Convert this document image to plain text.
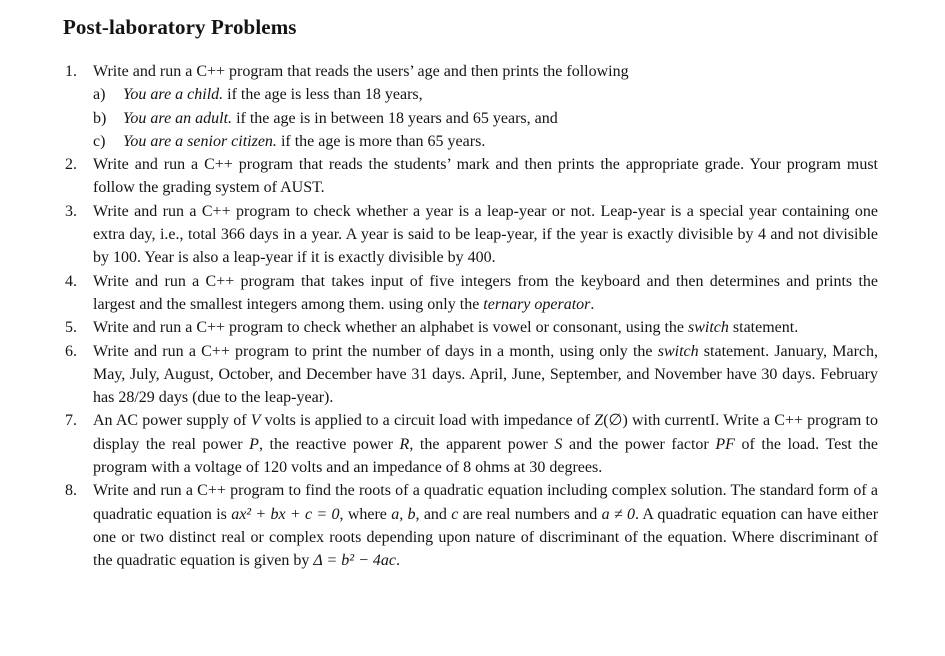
Post-laboratory Problems
1. Write and run a C++ program that reads the users’ age and then prints the following
a) You are a child. if the age is less than 18 years,
b) You are an adult. if the age is in between 18 years and 65 years, and
c) You are a senior citizen. if the age is more than 65 years.
2. Write and run a C++ program that reads the students’ mark and then prints the appropriate grade. Your program must follow the grading system of AUST.
3. Write and run a C++ program to check whether a year is a leap-year or not. Leap-year is a special year containing one extra day, i.e., total 366 days in a year. A year is said to be leap-year, if the year is exactly divisible by 4 and not divisible by 100. Year is also a leap-year if it is exactly divisible by 400.
4. Write and run a C++ program that takes input of five integers from the keyboard and then determines and prints the largest and the smallest integers among them. using only the ternary operator.
5. Write and run a C++ program to check whether an alphabet is vowel or consonant, using the switch statement.
6. Write and run a C++ program to print the number of days in a month, using only the switch statement. January, March, May, July, August, October, and December have 31 days. April, June, September, and November have 30 days. February has 28/29 days (due to the leap-year).
7. An AC power supply of V volts is applied to a circuit load with impedance of Z(∅) with currentI. Write a C++ program to display the real power P, the reactive power R, the apparent power S and the power factor PF of the load. Test the program with a voltage of 120 volts and an impedance of 8 ohms at 30 degrees.
8. Write and run a C++ program to find the roots of a quadratic equation including complex solution. The standard form of a quadratic equation is ax² + bx + c = 0, where a, b, and c are real numbers and a ≠ 0. A quadratic equation can have either one or two distinct real or complex roots depending upon nature of discriminant of the equation. Where discriminant of the quadratic equation is given by Δ = b² − 4ac.
